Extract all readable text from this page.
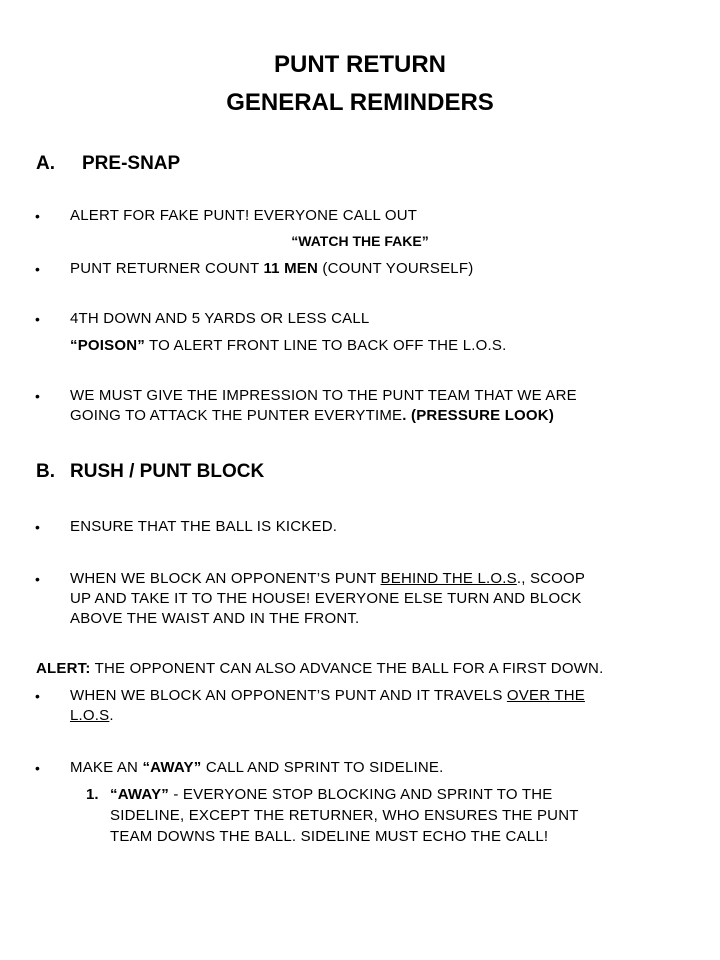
PUNT RETURN
GENERAL REMINDERS
A. PRE-SNAP
• ALERT FOR FAKE PUNT! EVERYONE CALL OUT
“WATCH THE FAKE”
• PUNT RETURNER COUNT 11 MEN (COUNT YOURSELF)
• 4TH DOWN AND 5 YARDS OR LESS CALL
“POISON” TO ALERT FRONT LINE TO BACK OFF THE L.O.S.
• WE MUST GIVE THE IMPRESSION TO THE PUNT TEAM THAT WE ARE
GOING TO ATTACK THE PUNTER EVERYTIME. (PRESSURE LOOK)
B. RUSH / PUNT BLOCK
• ENSURE THAT THE BALL IS KICKED.
• WHEN WE BLOCK AN OPPONENT’S PUNT BEHIND THE L.O.S., SCOOP
UP AND TAKE IT TO THE HOUSE! EVERYONE ELSE TURN AND BLOCK
ABOVE THE WAIST AND IN THE FRONT.
ALERT: THE OPPONENT CAN ALSO ADVANCE THE BALL FOR A FIRST DOWN.
• WHEN WE BLOCK AN OPPONENT’S PUNT AND IT TRAVELS OVER THE
L.O.S.
• MAKE AN “AWAY” CALL AND SPRINT TO SIDELINE.
1. “AWAY” - EVERYONE STOP BLOCKING AND SPRINT TO THE
SIDELINE, EXCEPT THE RETURNER, WHO ENSURES THE PUNT
TEAM DOWNS THE BALL. SIDELINE MUST ECHO THE CALL!
